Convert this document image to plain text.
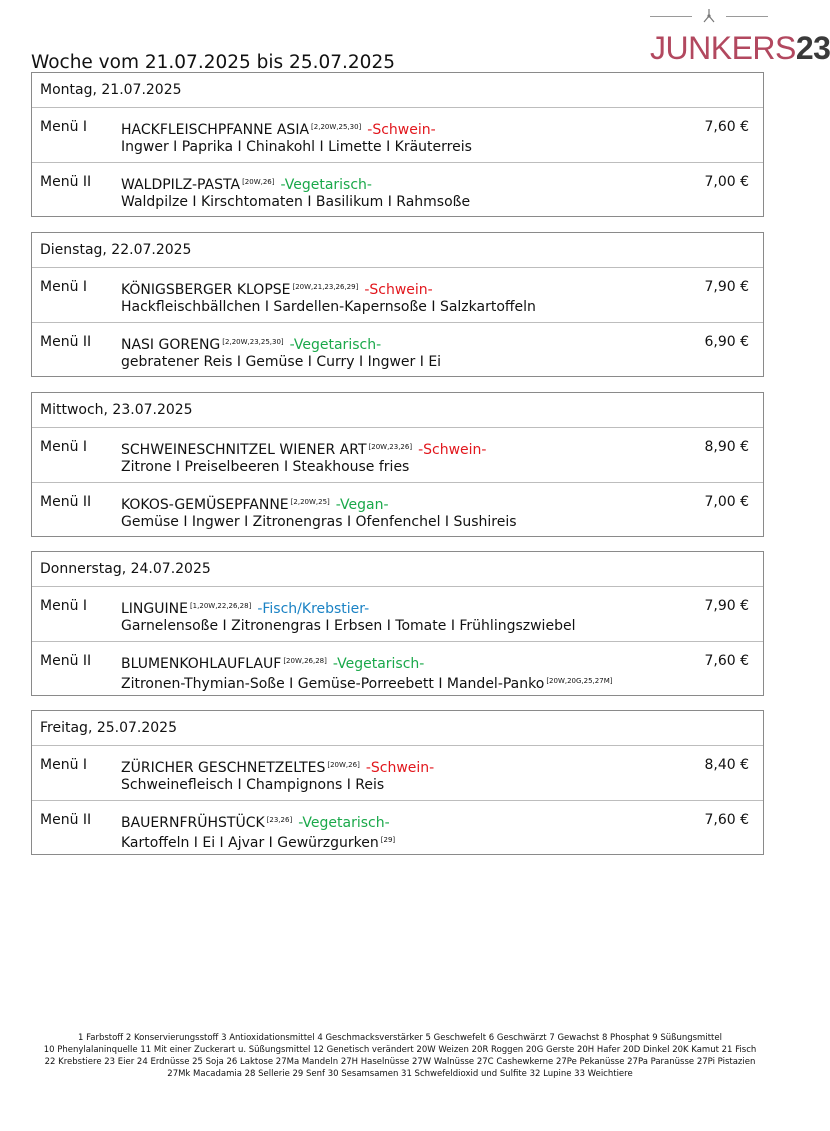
JUNKERS23
Woche vom 21.07.2025 bis 25.07.2025
Montag, 21.07.2025
Menü I HACKFLEISCHPFANNE ASIA [2,20W,25,30] -Schwein-
Ingwer I Paprika I Chinakohl I Limette I Kräuterreis
7,60 €
Menü II WALDPILZ-PASTA [20W,26] -Vegetarisch-
Waldpilze I Kirschtomaten I Basilikum I Rahmsoße
7,00 €
Dienstag, 22.07.2025
Menü I KÖNIGSBERGER KLOPSE [20W,21,23,26,29] -Schwein-
Hackfleischbällchen I Sardellen-Kapernsoße I Salzkartoffeln
7,90 €
Menü II NASI GORENG [2,20W,23,25,30] -Vegetarisch-
gebratener Reis I Gemüse I Curry I Ingwer I Ei
6,90 €
Mittwoch, 23.07.2025
Menü I SCHWEINESCHNITZEL WIENER ART [20W,23,26] -Schwein-
Zitrone I Preiselbeeren I Steakhouse fries
8,90 €
Menü II KOKOS-GEMÜSEPFANNE [2,20W,25] -Vegan-
Gemüse I Ingwer I Zitronengras I Ofenfenchel I Sushireis
7,00 €
Donnerstag, 24.07.2025
Menü I LINGUINE [1,20W,22,26,28] -Fisch/Krebstier-
Garnelensoße I Zitronengras I Erbsen I Tomate I Frühlingszwiebel
7,90 €
Menü II BLUMENKOHLAUFLAUF [20W,26,28] -Vegetarisch-
Zitronen-Thymian-Soße I Gemüse-Porreebett I Mandel-Panko [20W,20G,25,27M]
7,60 €
Freitag, 25.07.2025
Menü I ZÜRICHER GESCHNETZELTES [20W,26] -Schwein-
Schweinefleisch I Champignons I Reis
8,40 €
Menü II BAUERNFRÜHSTÜCK [23,26] -Vegetarisch-
Kartoffeln I Ei I Ajvar I Gewürzgurken [29]
7,60 €
1 Farbstoff 2 Konservierungsstoff 3 Antioxidationsmittel 4 Geschmacksverstärker 5 Geschwefelt 6 Geschwärzt 7 Gewachst 8 Phosphat 9 Süßungsmittel
10 Phenylalaninquelle 11 Mit einer Zuckerart u. Süßungsmittel 12 Genetisch verändert 20W Weizen 20R Roggen 20G Gerste 20H Hafer 20D Dinkel 20K Kamut 21 Fisch
22 Krebstiere 23 Eier 24 Erdnüsse 25 Soja 26 Laktose 27Ma Mandeln 27H Haselnüsse 27W Walnüsse 27C Cashewkerne 27Pe Pekanüsse 27Pa Paranüsse 27Pi Pistazien
27Mk Macadamia 28 Sellerie 29 Senf 30 Sesamsamen 31 Schwefeldioxid und Sulfite 32 Lupine 33 Weichtiere
